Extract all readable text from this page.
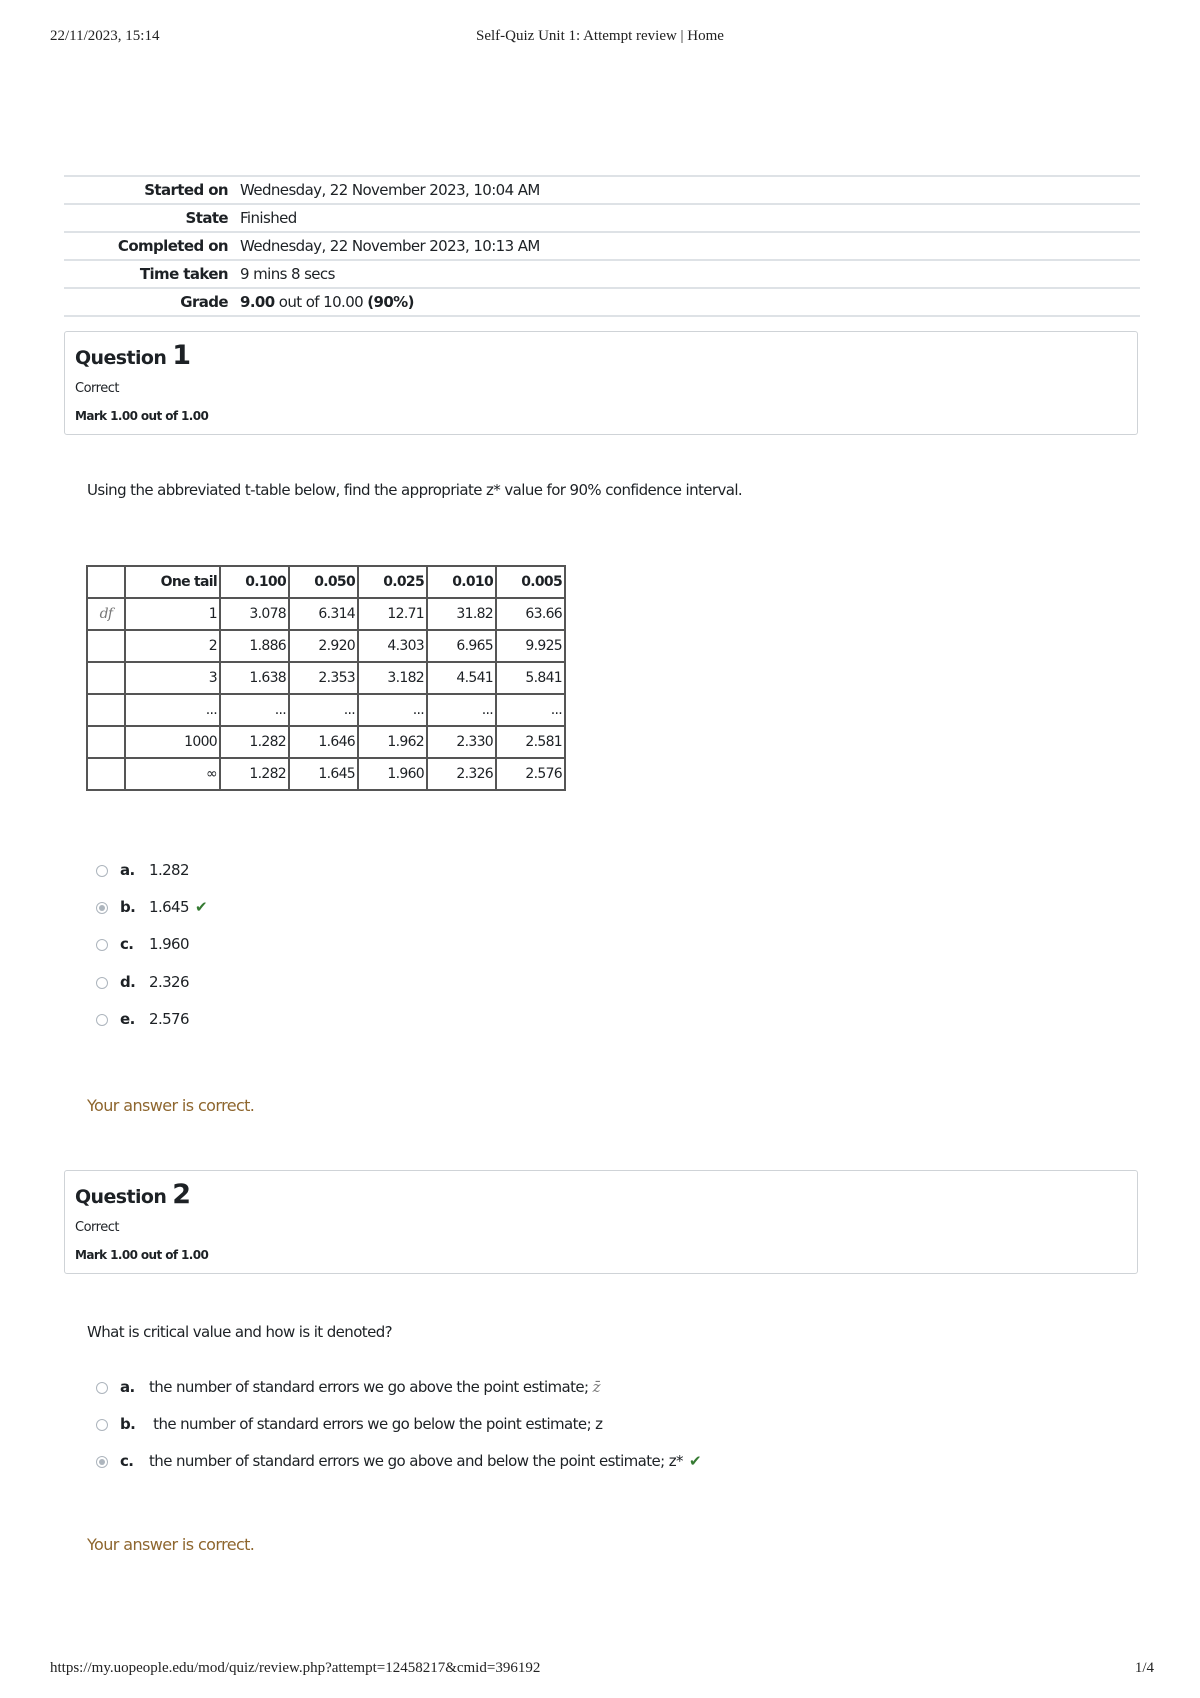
22/11/2023, 15:14	Self-Quiz Unit 1: Attempt review | Home
Started on	Wednesday, 22 November 2023, 10:04 AM
State	Finished
Completed on	Wednesday, 22 November 2023, 10:13 AM
Time taken	9 mins 8 secs
Grade	9.00 out of 10.00 (90%)
Question 1
Correct
Mark 1.00 out of 1.00
Using the abbreviated t-table below, find the appropriate z* value for 90% confidence interval.
	One tail	0.100	0.050	0.025	0.010	0.005
df	1	3.078	6.314	12.71	31.82	63.66
	2	1.886	2.920	4.303	6.965	9.925
	3	1.638	2.353	3.182	4.541	5.841
	...	...	...	...	...	...
	1000	1.282	1.646	1.962	2.330	2.581
	∞	1.282	1.645	1.960	2.326	2.576
a. 1.282
b. 1.645 ✔
c. 1.960
d. 2.326
e. 2.576
Your answer is correct.
Question 2
Correct
Mark 1.00 out of 1.00
What is critical value and how is it denoted?
a. the number of standard errors we go above the point estimate; z̄
b. the number of standard errors we go below the point estimate; z
c. the number of standard errors we go above and below the point estimate; z* ✔
Your answer is correct.
https://my.uopeople.edu/mod/quiz/review.php?attempt=12458217&cmid=396192	1/4
